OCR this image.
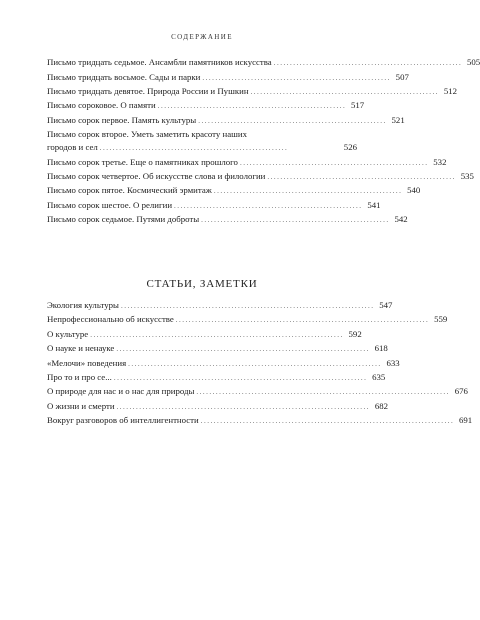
СОДЕРЖАНИЕ
Письмо тридцать седьмое. Ансамбли памятников искусства .......................................................... 505
Письмо тридцать восьмое. Сады и парки .......................................................... 507
Письмо тридцать девятое. Природа России и Пушкин .......................................................... 512
Письмо сороковое. О памяти .......................................................... 517
Письмо сорок первое. Память культуры .......................................................... 521
Письмо сорок второе. Уметь заметить красоту наших
городов и сел ..........................................................	526
Письмо сорок третье. Еще о памятниках прошлого .......................................................... 532
Письмо сорок четвертое. Об искусстве слова и филологии .......................................................... 535
Письмо сорок пятое. Космический эрмитаж .......................................................... 540
Письмо сорок шестое. О религии .......................................................... 541
Письмо сорок седьмое. Путями доброты .......................................................... 542
СТАТЬИ, ЗАМЕТКИ
Экология культуры .............................................................................. 547
Непрофессионально об искусстве .............................................................................. 559
О культуре .............................................................................. 592
О науке и ненауке .............................................................................. 618
«Мелочи» поведения .............................................................................. 633
Про то и про се... .............................................................................. 635
О природе для нас и о нас для природы .............................................................................. 676
О жизни и смерти .............................................................................. 682
Вокруг разговоров об интеллигентности .............................................................................. 691
